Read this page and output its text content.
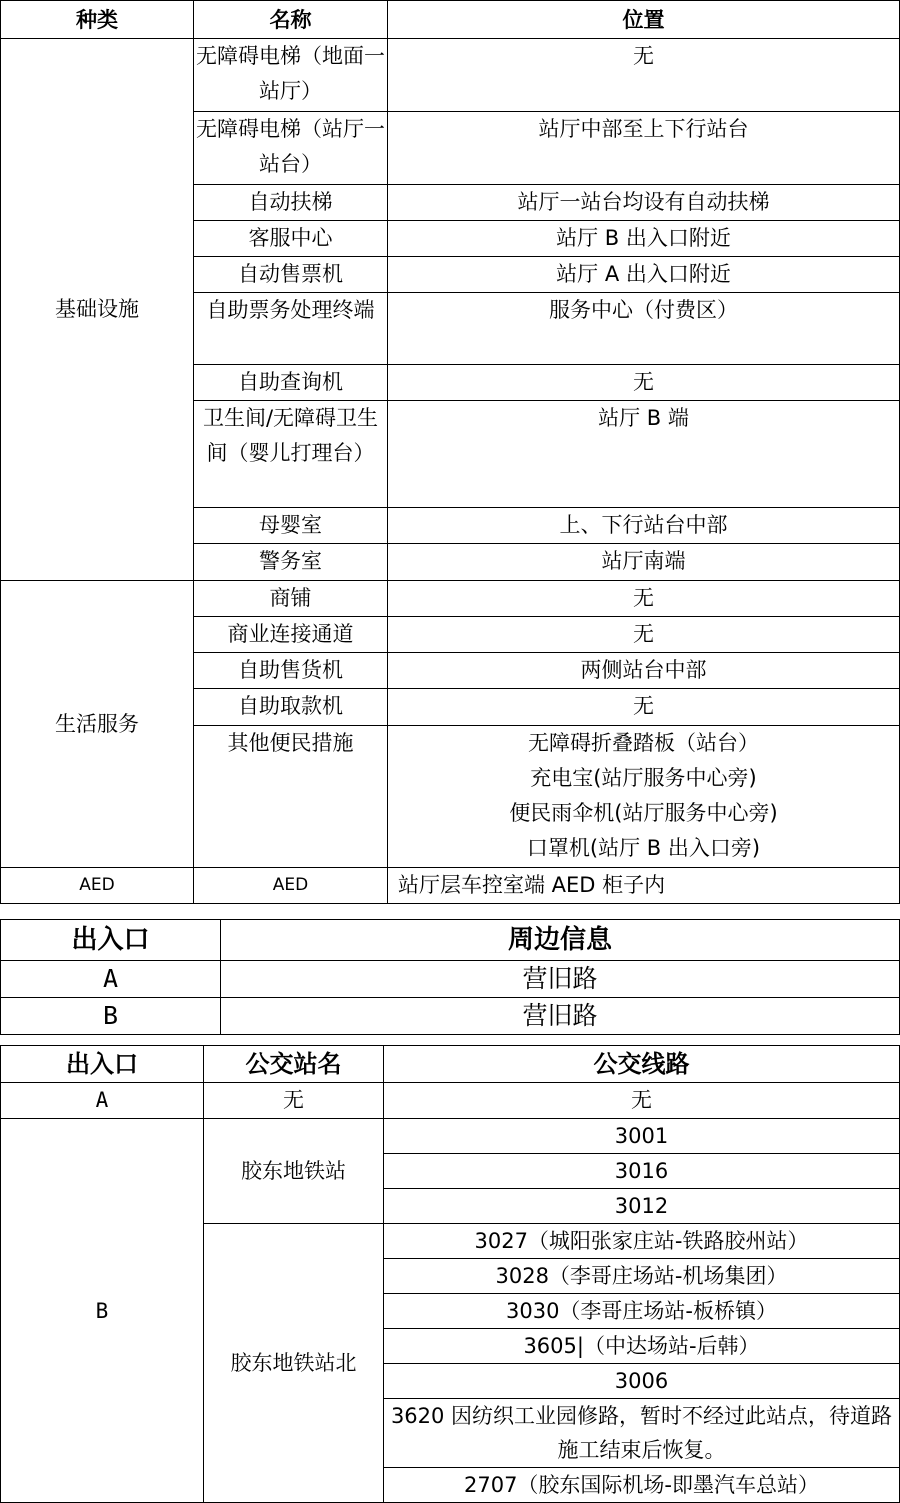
种类	名称	位置
基础设施	无障碍电梯（地面一站厅）	无
	无障碍电梯（站厅一站台）	站厅中部至上下行站台
	自动扶梯	站厅一站台均设有自动扶梯
	客服中心	站厅 B 出入口附近
	自动售票机	站厅 A 出入口附近
	自助票务处理终端	服务中心（付费区）
	自助查询机	无
	卫生间/无障碍卫生间（婴儿打理台）	站厅 B 端
	母婴室	上、下行站台中部
	警务室	站厅南端
生活服务	商铺	无
	商业连接通道	无
	自助售货机	两侧站台中部
	自助取款机	无
	其他便民措施	无障碍折叠踏板（站台）
充电宝(站厅服务中心旁)
便民雨伞机(站厅服务中心旁)
口罩机(站厅 B 出入口旁)

AED	AED	站厅层车控室端 AED 柜子内
出入口	周边信息
A	营旧路
B	营旧路
出入口	公交站名	公交线路
A	无	无
B	胶东地铁站	3001
		3016
		3012
	胶东地铁站北	3027（城阳张家庄站-铁路胶州站）
		3028（李哥庄场站-机场集团）
		3030（李哥庄场站-板桥镇）
		3605|（中达场站-后韩）
		3006
		3620 因纺织工业园修路，暂时不经过此站点，待道路施工结束后恢复。
		2707（胶东国际机场-即墨汽车总站）
